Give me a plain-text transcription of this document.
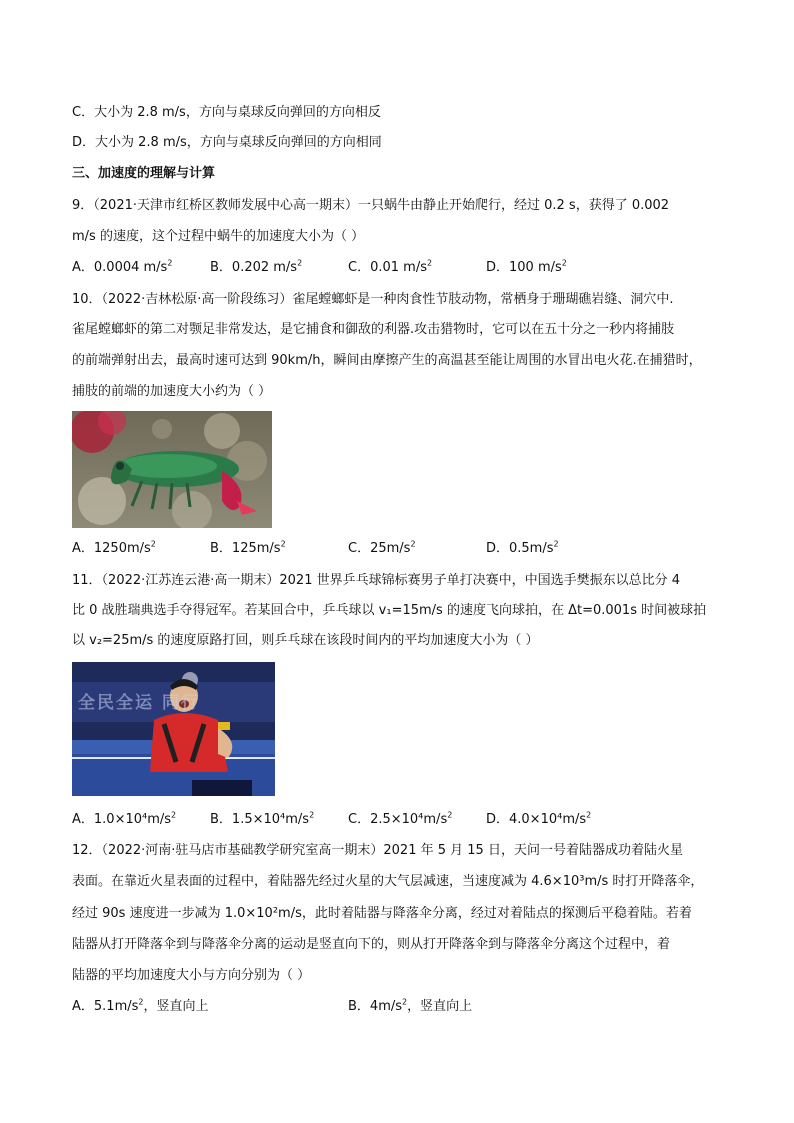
C．大小为 2.8 m/s，方向与桌球反向弹回的方向相反
D．大小为 2.8 m/s，方向与桌球反向弹回的方向相同
三、加速度的理解与计算
9．（2021·天津市红桥区教师发展中心高一期末）一只蜗牛由静止开始爬行，经过 0.2 s，获得了 0.002
m/s 的速度，这个过程中蜗牛的加速度大小为（ ）
A．0.0004 $m/s^2$	B．0.202 $m/s^2$	C．0.01 $m/s^2$	D．100 $m/s^2$
10．（2022·吉林松原·高一阶段练习）雀尾螳螂虾是一种肉食性节肢动物，常栖身于珊瑚礁岩缝、洞穴中.
雀尾螳螂虾的第二对颚足非常发达，是它捕食和御敌的利器.攻击猎物时，它可以在五十分之一秒内将捕肢
的前端弹射出去，最高时速可达到 90km/h，瞬间由摩擦产生的高温甚至能让周围的水冒出电火花.在捕猎时，
捕肢的前端的加速度大小约为（ ）
A．$1250m/s^2$	B．$125m/s^2$	C．$25m/s^2$	D．$0.5m/s^2$
11．（2022·江苏连云港·高一期末）2021 世界乒乓球锦标赛男子单打决赛中，中国选手樊振东以总比分 4
比 0 战胜瑞典选手夺得冠军。若某回合中，乒乓球以 v₁=15m/s 的速度飞向球拍，在 Δt=0.001s 时间被球拍
以 v₂=25m/s 的速度原路打回，则乒乓球在该段时间内的平均加速度大小为（ ）
全民全运 同行
A．$1.0\times 10^4m/s^2$	B．$1.5\times 10^4m/s^2$	C．$2.5\times 10^4m/s^2$	D．$4.0\times 10^4m/s^2$
12．（2022·河南·驻马店市基础教学研究室高一期末）2021 年 5 月 15 日，天问一号着陆器成功着陆火星
表面。在靠近火星表面的过程中，着陆器先经过火星的大气层减速，当速度减为 4.6×10³m/s 时打开降落伞，
经过 90s 速度进一步减为 1.0×10²m/s，此时着陆器与降落伞分离，经过对着陆点的探测后平稳着陆。若着
陆器从打开降落伞到与降落伞分离的运动是竖直向下的，则从打开降落伞到与降落伞分离这个过程中，着
陆器的平均加速度大小与方向分别为（ ）
A．$5.1m/s^2$，竖直向上	B．$4m/s^2$，竖直向上
